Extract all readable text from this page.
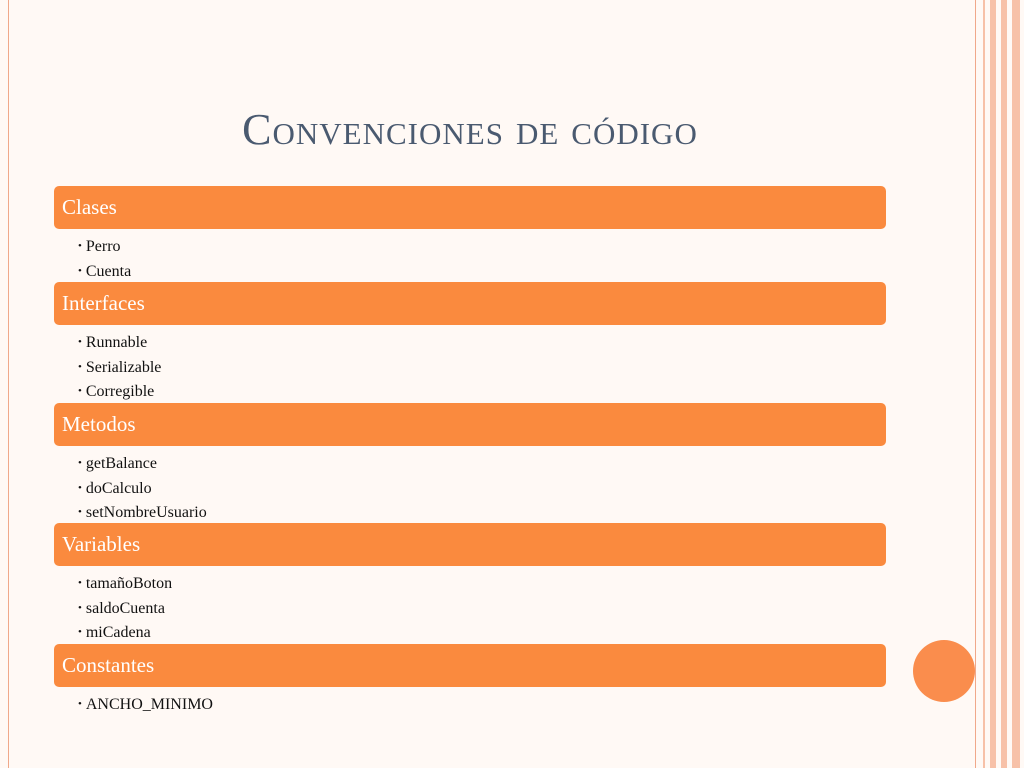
Convenciones de código
Clases
• Perro
• Cuenta
Interfaces
• Runnable
• Serializable
• Corregible
Metodos
• getBalance
• doCalculo
• setNombreUsuario
Variables
• tamañoBoton
• saldoCuenta
• miCadena
Constantes
• ANCHO_MINIMO
